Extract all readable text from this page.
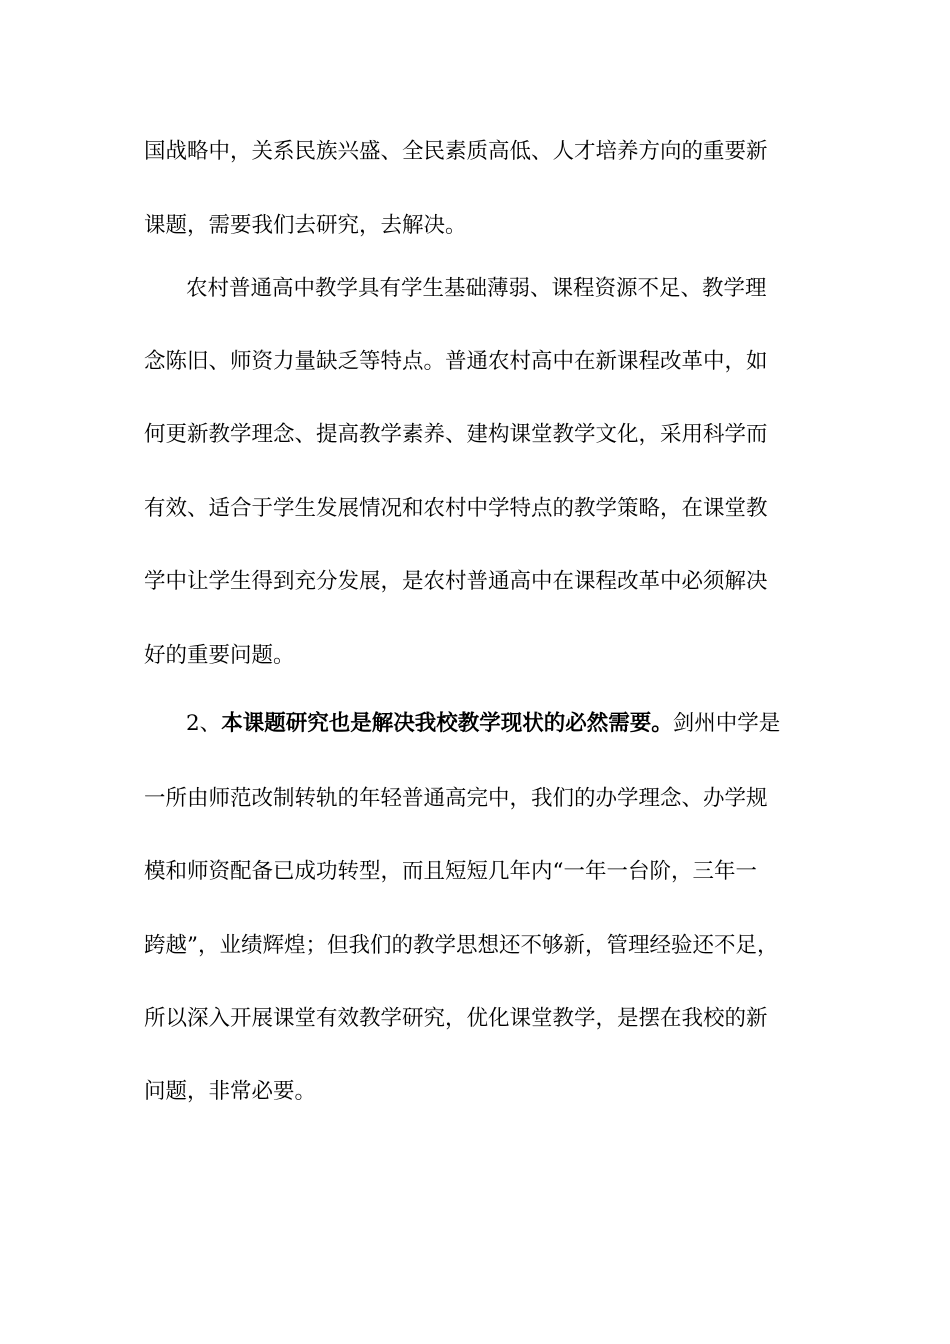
国战略中，关系民族兴盛、全民素质高低、人才培养方向的重要新
课题，需要我们去研究，去解决。
农村普通高中教学具有学生基础薄弱、课程资源不足、教学理
念陈旧、师资力量缺乏等特点。普通农村高中在新课程改革中，如
何更新教学理念、提高教学素养、建构课堂教学文化，采用科学而
有效、适合于学生发展情况和农村中学特点的教学策略，在课堂教
学中让学生得到充分发展，是农村普通高中在课程改革中必须解决
好的重要问题。
2、本课题研究也是解决我校教学现状的必然需要。剑州中学是
一所由师范改制转轨的年轻普通高完中，我们的办学理念、办学规
模和师资配备已成功转型，而且短短几年内“一年一台阶，三年一
跨越”，业绩辉煌；但我们的教学思想还不够新，管理经验还不足，
所以深入开展课堂有效教学研究，优化课堂教学，是摆在我校的新
问题，非常必要。
